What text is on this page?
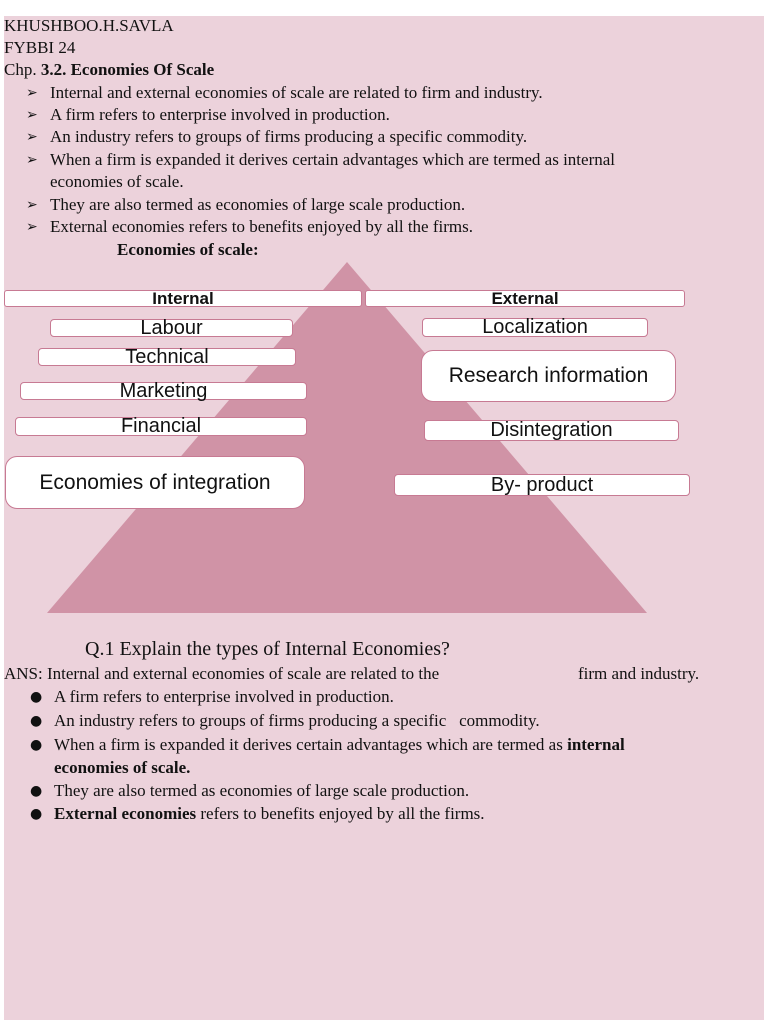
KHUSHBOO.H.SAVLA
FYBBI 24
Chp. 3.2. Economies Of Scale
➢ Internal and external economies of scale are related to firm and industry.
➢ A firm refers to enterprise involved in production.
➢ An industry refers to groups of firms producing a specific commodity.
➢ When a firm is expanded it derives certain advantages which are termed as internal
economies of scale.
➢ They are also termed as economies of large scale production.
➢ External economies refers to benefits enjoyed by all the firms.
Economies of scale:
Internal	External
Labour
Technical
Marketing
Financial
Economies of integration
Localization
Research information
Disintegration
By- product
Q.1 Explain the types of Internal Economies?
ANS: Internal and external economies of scale are related to the	firm and industry.
● A firm refers to enterprise involved in production.
● An industry refers to groups of firms producing a specific   commodity.
● When a firm is expanded it derives certain advantages which are termed as internal
economies of scale.
● They are also termed as economies of large scale production.
● External economies refers to benefits enjoyed by all the firms.
